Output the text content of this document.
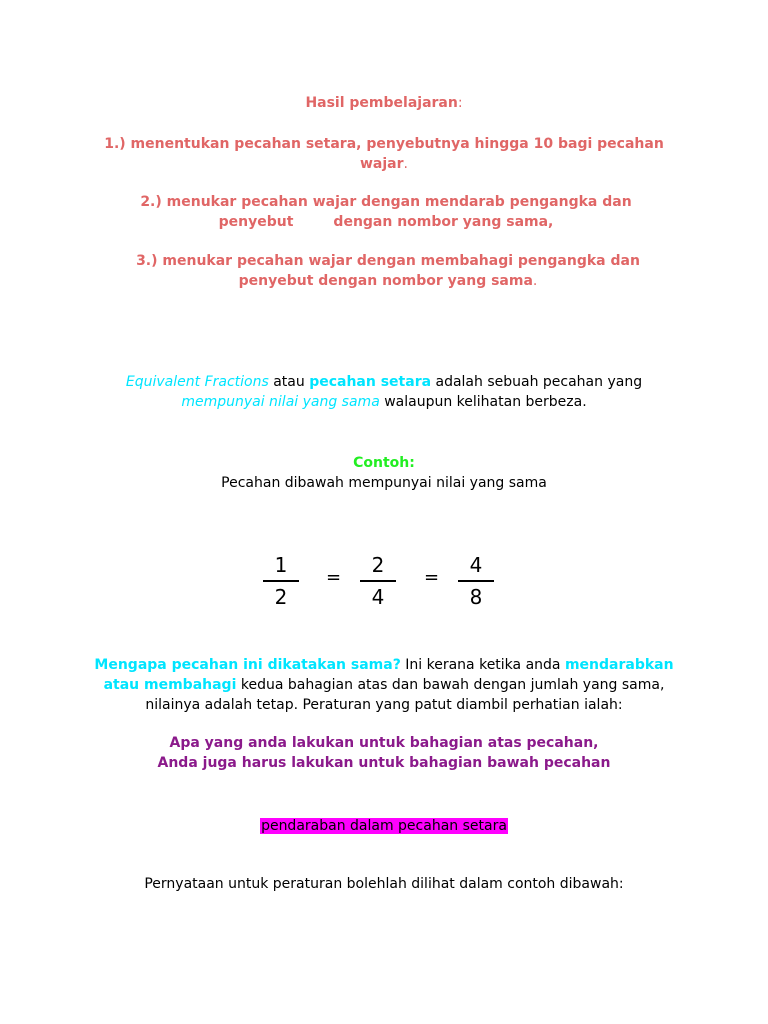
Hasil pembelajaran:
1.) menentukan pecahan setara, penyebutnya hingga 10 bagi pecahan
wajar.
2.) menukar pecahan wajar dengan mendarab pengangka dan
penyebut	dengan nombor yang sama,
3.) menukar pecahan wajar dengan membahagi pengangka dan
penyebut dengan nombor yang sama.
Equivalent Fractions atau pecahan setara adalah sebuah pecahan yang
mempunyai nilai yang sama walaupun kelihatan berbeza.
Contoh:
Pecahan dibawah mempunyai nilai yang sama
1
2
=
2
4
=
4
8
Mengapa pecahan ini dikatakan sama? Ini kerana ketika anda mendarabkan
atau membahagi kedua bahagian atas dan bawah dengan jumlah yang sama,
nilainya adalah tetap. Peraturan yang patut diambil perhatian ialah:
Apa yang anda lakukan untuk bahagian atas pecahan,
Anda juga harus lakukan untuk bahagian bawah pecahan
pendaraban dalam pecahan setara
Pernyataan untuk peraturan bolehlah dilihat dalam contoh dibawah:
